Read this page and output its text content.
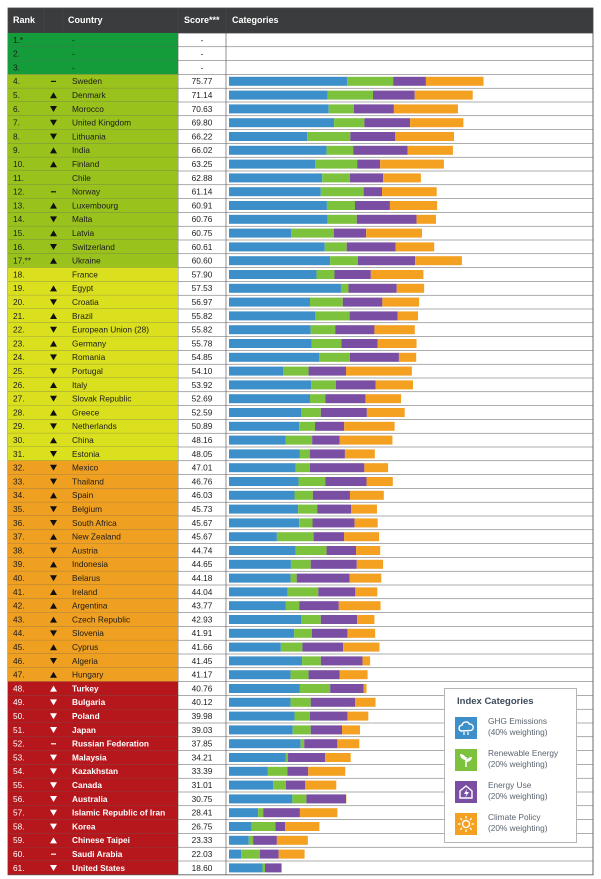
Rank	Country	Score*** Categories
1.*	-	-
2.	-	-
3.	-	-
4.	Sweden	75.77
5.	Denmark	71.14
6.	Morocco	70.63
7.	United Kingdom	69.80
8.	Lithuania	66.22
9.	India	66.02
10.	Finland	63.25
11.	Chile	62.88
12.	Norway	61.14
13.	Luxembourg	60.91
14.	Malta	60.76
15.	Latvia	60.75
16.	Switzerland	60.61
17.**	Ukraine	60.60
18.	France	57.90
19.	Egypt	57.53
20.	Croatia	56.97
21.	Brazil	55.82
22.	European Union (28)	55.82
23.	Germany	55.78
24.	Romania	54.85
25.	Portugal	54.10
26.	Italy	53.92
27.	Slovak Republic	52.69
28.	Greece	52.59
29.	Netherlands	50.89
30.	China	48.16
31.	Estonia	48.05
32.	Mexico	47.01
33.	Thailand	46.76
34.	Spain	46.03
35.	Belgium	45.73
36.	South Africa	45.67
37.	New Zealand	45.67
38.	Austria	44.74
39.	Indonesia	44.65
40.	Belarus	44.18
41.	Ireland	44.04
42.	Argentina	43.77
43.	Czech Republic	42.93
44.	Slovenia	41.91
45.	Cyprus	41.66
46.	Algeria	41.45
47.	Hungary	41.17
48.	Turkey	40.76
49.	Bulgaria	40.12
50.	Poland	39.98
51.	Japan	39.03
52.	Russian Federation	37.85
53.	Malaysia	34.21
54.	Kazakhstan	33.39
55.	Canada	31.01
56.	Australia	30.75
57.	Islamic Republic of Iran	28.41
58.	Korea	26.75
59.	Chinese Taipei	23.33
60.	Saudi Arabia	22.03
61.	United States	18.60
Index Categories
GHG Emissions
(40% weighting)
Renewable Energy
(20% weighting)
Energy Use
(20% weighting)
Climate Policy
(20% weighting)
